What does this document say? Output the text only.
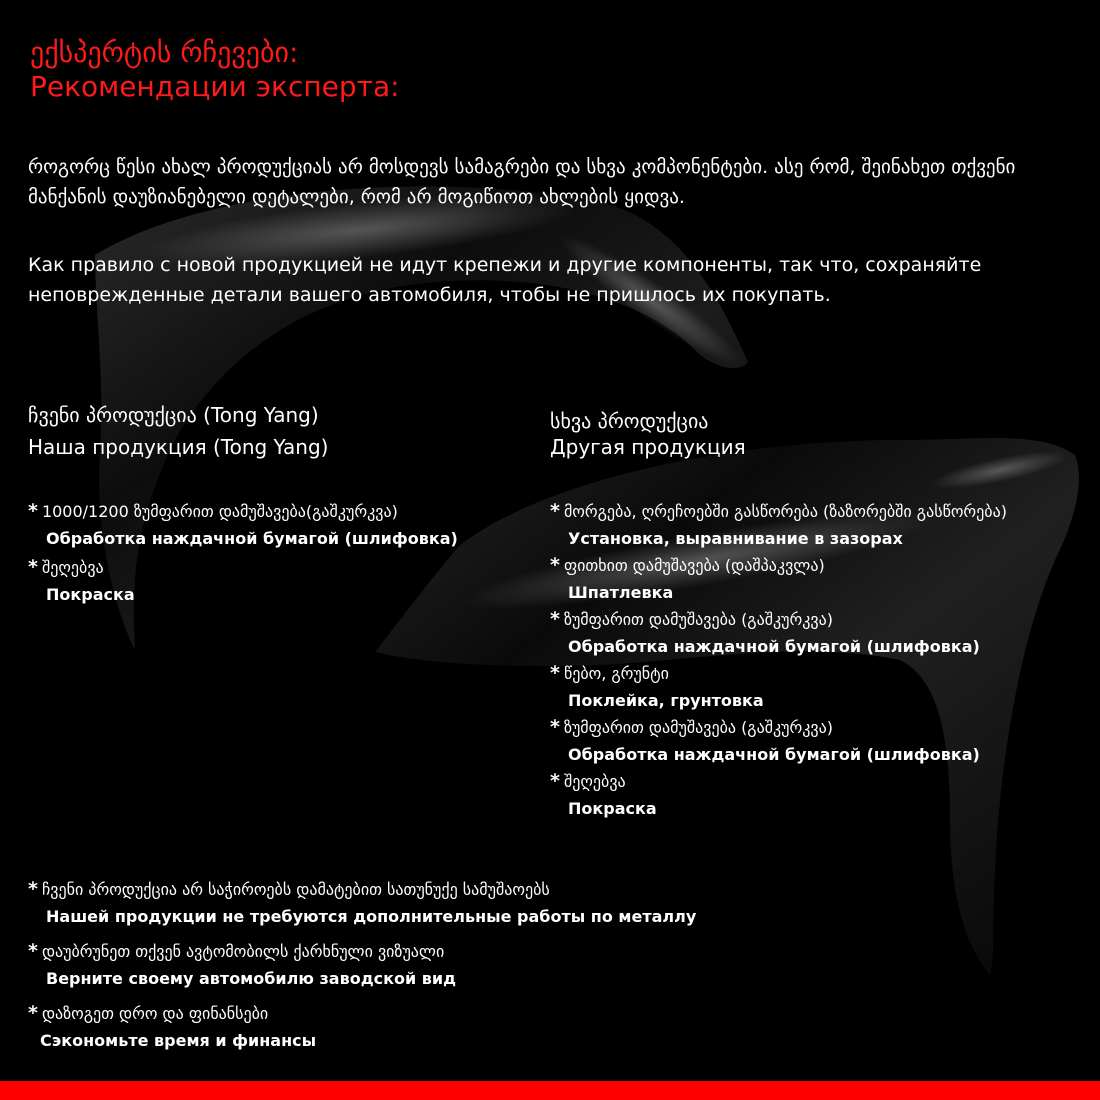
ექსპერტის რჩევები:
Рекомендации эксперта:
როგორც წესი ახალ პროდუქციას არ მოსდევს სამაგრები და სხვა კომპონენტები. ასე რომ, შეინახეთ თქვენი მანქანის დაუზიანებელი დეტალები, რომ არ მოგიწიოთ ახლების ყიდვა.
Как правило с новой продукцией не идут крепежи и другие компоненты, так что, сохраняйте неповрежденные детали вашего автомобиля, чтобы не пришлось их покупать.
ჩვენი პროდუქცია (Tong Yang)
Наша продукция (Tong Yang)
* 1000/1200 ზუმფარით დამუშავება(გაშკურკვა)
Обработка наждачной бумагой (шлифовка)
* შეღებვა
Покраска
სხვა პროდუქცია
Другая продукция
* მორგება, ღრეჩოებში გასწორება (ზაზორებში გასწორება)
Установка, выравнивание в зазорах
* ფითხით დამუშავება (დაშპაკვლა)
Шпатлевка
* ზუმფარით დამუშავება (გაშკურკვა)
Обработка наждачной бумагой (шлифовка)
* წებო, გრუნტი
Поклейка, грунтовка
* ზუმფარით დამუშავება (გაშკურკვა)
Обработка наждачной бумагой (шлифовка)
* შეღებვა
Покраска
* ჩვენი პროდუქცია არ საჭიროებს დამატებით სათუნუქე სამუშაოებს
Нашей продукции не требуются дополнительные работы по металлу
* დაუბრუნეთ თქვენ ავტომობილს ქარხნული ვიზუალი
Верните своему автомобилю заводской вид
* დაზოგეთ დრო და ფინანსები
Сэкономьте время и финансы
